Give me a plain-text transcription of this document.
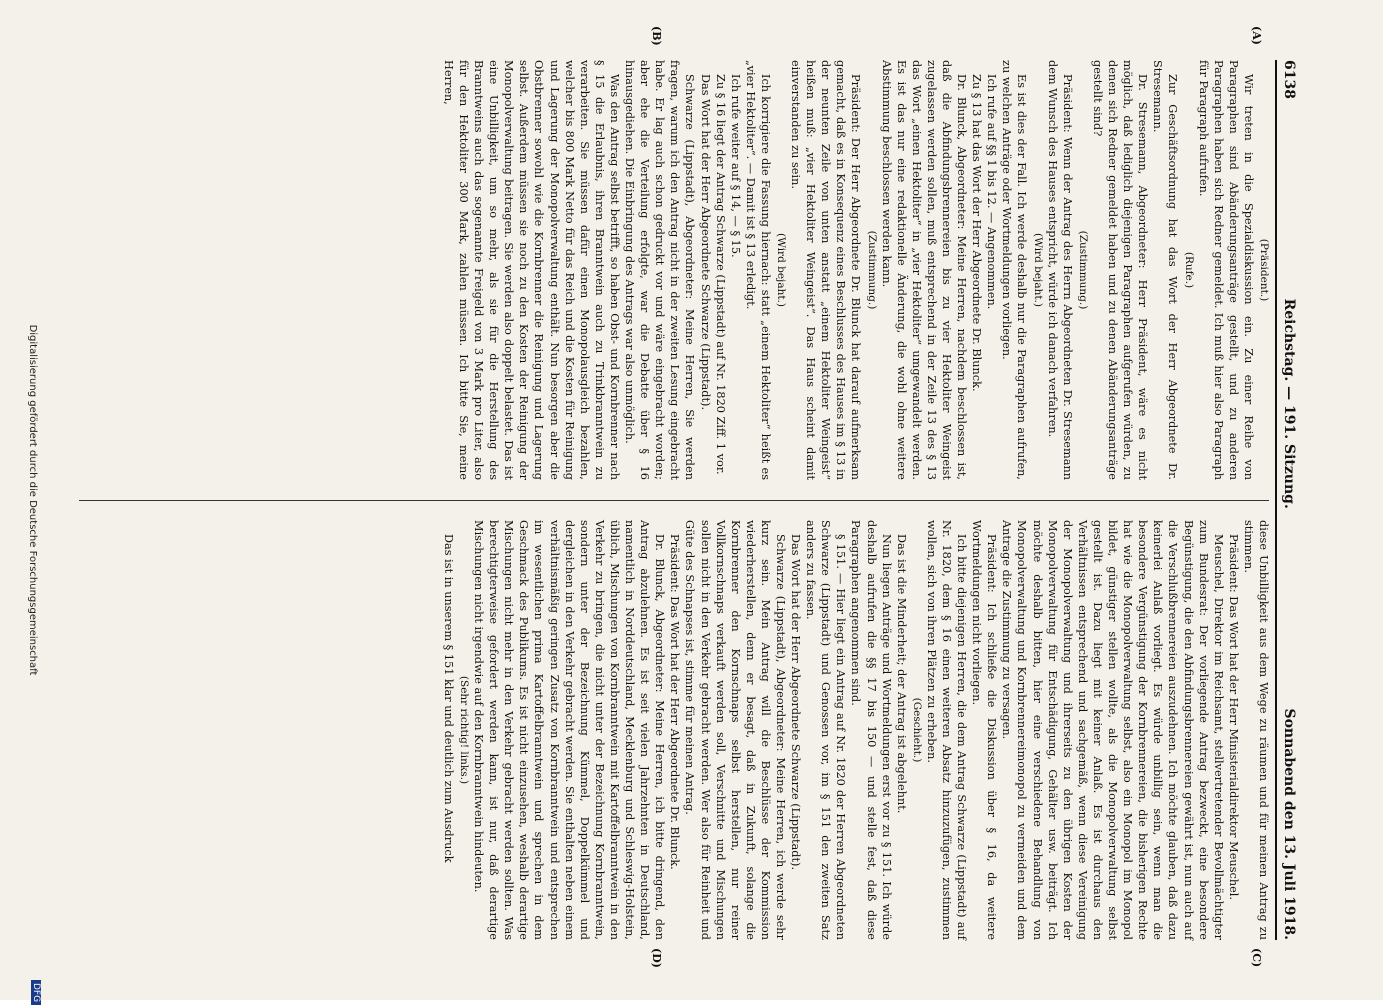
6138
Reichstag. — 191. Sitzung.
Sonnabend den 13. Juli 1918.
(A)
(B)
(C)
(D)

(Präsident.)

Wir treten in die Spezialdiskussion ein. Zu einer Reihe von Paragraphen sind Abänderungsanträge gestellt, und zu anderen Paragraphen haben sich Redner gemeldet. Ich muß hier also Paragraph für Paragraph aufrufen.

(Rufe.)

Zur Geschäftsordnung hat das Wort der Herr Abgeordnete Dr. Stresemann.

Dr. Stresemann, Abgeordneter: Herr Präsident, wäre es nicht möglich, daß lediglich diejenigen Paragraphen aufgerufen würden, zu denen sich Redner gemeldet haben und zu denen Abänderungsanträge gestellt sind?

(Zustimmung.)

Präsident: Wenn der Antrag des Herrn Abgeordneten Dr. Stresemann dem Wunsch des Hauses entspricht, würde ich danach verfahren.

(Wird bejaht.)

Es ist dies der Fall. Ich werde deshalb nur die Paragraphen aufrufen, zu welchen Anträge oder Wortmeldungen vorliegen.

Ich rufe auf §§ 1 bis 12. — Angenommen.

Zu § 13 hat das Wort der Herr Abgeordnete Dr. Blunck.

Dr. Blunck, Abgeordneter: Meine Herren, nachdem beschlossen ist, daß die Abfindungsbrennereien bis zu vier Hektoliter Weingeist zugelassen werden sollen, muß entsprechend in der Zeile 13 des § 13 das Wort „einen Hektoliter“ in „vier Hektoliter“ umgewandelt werden. Es ist das nur eine redaktionelle Änderung, die wohl ohne weitere Abstimmung beschlossen werden kann.

(Zustimmung.)

Präsident: Der Herr Abgeordnete Dr. Blunck hat darauf aufmerksam gemacht, daß es in Konsequenz eines Beschlusses des Hauses im § 13 in der neunten Zeile von unten anstatt „einem Hektoliter Weingeist“ heißen muß: „vier Hektoliter Weingeist“. Das Haus scheint damit einverstanden zu sein.

(Wird bejaht.)

Ich korrigiere die Fassung hiernach: statt „einem Hektoliter“ heißt es „vier Hektoliter“. — Damit ist § 13 erledigt.

Ich rufe weiter auf § 14, — § 15.

Zu § 16 liegt der Antrag Schwarze (Lippstadt) auf Nr. 1820 Ziff. 1 vor.

Das Wort hat der Herr Abgeordnete Schwarze (Lippstadt).

Schwarze (Lippstadt), Abgeordneter: Meine Herren, Sie werden fragen, warum ich den Antrag nicht in der zweiten Lesung eingebracht habe. Er lag auch schon gedruckt vor und wäre eingebracht worden; aber ehe die Verteilung erfolgte, war die Debatte über § 16 hinausgediehen. Die Einbringung des Antrags war also unmöglich.

Was den Antrag selbst betrifft, so haben Obst- und Kornbrenner nach § 15 die Erlaubnis, ihren Branntwein auch zu Trinkbranntwein zu verarbeiten. Sie müssen dafür einen Monopolausgleich bezahlen, welcher bis 800 Mark Netto für das Reich und die Kosten für Reinigung und Lagerung der Monopolverwaltung enthält. Nun besorgen aber die Obstbrenner sowohl wie die Kornbrenner die Reinigung und Lagerung selbst. Außerdem müssen sie noch zu den Kosten der Reinigung der Monopolverwaltung beitragen. Sie werden also doppelt belastet. Das ist eine Unbilligkeit, um so mehr, als sie für die Herstellung des Branntweins auch das sogenannte Freigeld von 3 Mark pro Liter, also für den Hektoliter 300 Mark, zahlen müssen. Ich bitte Sie, meine Herren,

diese Unbilligkeit aus dem Wege zu räumen und für meinen Antrag zu stimmen.

Präsident: Das Wort hat der Herr Ministerialdirektor Meuschel.

Meuschel, Direktor im Reichsamt, stellvertretender Bevollmächtigter zum Bundesrat: Der vorliegende Antrag bezweckt, eine besondere Begünstigung, die den Abfindungsbrennereien gewährt ist, nun auch auf die Verschlußbrennereien auszudehnen. Ich möchte glauben, daß dazu keinerlei Anlaß vorliegt. Es würde unbillig sein, wenn man die besondere Vergünstigung der Kornbrennereien, die bisherigen Rechte hat wie die Monopolverwaltung selbst, also ein Monopol im Monopol bildet, günstiger stellen wollte, als die Monopolverwaltung selbst gestellt ist. Dazu liegt mit keiner Anlaß. Es ist durchaus den Verhältnissen entsprechend und sachgemäß, wenn diese Vereinigung der Monopolverwaltung und ihrerseits zu den übrigen Kosten der Monopolverwaltung für Entschädigung, Gehälter usw. beiträgt. Ich möchte deshalb bitten, hier eine verschiedene Behandlung von Monopolverwaltung und Kornbrennereimonopol zu vermeiden und dem Antrage die Zustimmung zu versagen.

Präsident: Ich schließe die Diskussion über § 16, da weitere Wortmeldungen nicht vorliegen.

Ich bitte diejenigen Herren, die dem Antrag Schwarze (Lippstadt) auf Nr. 1820, dem § 16 einen weiteren Absatz hinzuzufügen, zustimmen wollen, sich von ihren Plätzen zu erheben.

(Geschieht.)

Das ist die Minderheit; der Antrag ist abgelehnt.

Nun liegen Anträge und Wortmeldungen erst vor zu § 151. Ich würde deshalb aufrufen die §§ 17 bis 150 — und stelle fest, daß diese Paragraphen angenommen sind.

§ 151. — Hier liegt ein Antrag auf Nr. 1820 der Herren Abgeordneten Schwarze (Lippstadt) und Genossen vor, im § 151 den zweiten Satz anders zu fassen.

Das Wort hat der Herr Abgeordnete Schwarze (Lippstadt).

Schwarze (Lippstadt), Abgeordneter: Meine Herren, ich werde sehr kurz sein. Mein Antrag will die Beschlüsse der Kommission wiederherstellen, denn er besagt, daß in Zukunft, solange die Kornbrenner den Kornschnaps selbst herstellen, nur reiner Vollkornschnaps verkauft werden soll, Verschnitte und Mischungen sollen nicht in den Verkehr gebracht werden. Wer also für Reinheit und Güte des Schnapses ist, stimme für meinen Antrag.

Präsident: Das Wort hat der Herr Abgeordnete Dr. Blunck.

Dr. Blunck, Abgeordneter: Meine Herren, ich bitte dringend, den Antrag abzulehnen. Es ist seit vielen Jahrzehnten in Deutschland, namentlich in Norddeutschland, Mecklenburg und Schleswig-Holstein, üblich, Mischungen von Kornbranntwein mit Kartoffelbranntwein in den Verkehr zu bringen, die nicht unter der Bezeichnung Kornbranntwein, sondern unter der Bezeichnung Kümmel, Doppelkümmel und dergleichen in den Verkehr gebracht werden. Sie enthalten neben einem verhältnismäßig geringen Zusatz von Kornbranntwein und entsprechen im wesentlichen prima Kartoffelbranntwein und sprechen in dem Geschmack des Publikums. Es ist nicht einzusehen, weshalb derartige Mischungen nicht mehr in den Verkehr gebracht werden sollten. Was berechtigterweise gefordert werden kann, ist nur, daß derartige Mischungen nicht irgendwie auf den Kornbranntwein hindeuten.

(Sehr richtig! links.)

Das ist in unserem § 151 klar und deutlich zum Ausdruck

Digitalisierung gefördert durch die Deutsche Forschungsgemeinschaft
DFG
